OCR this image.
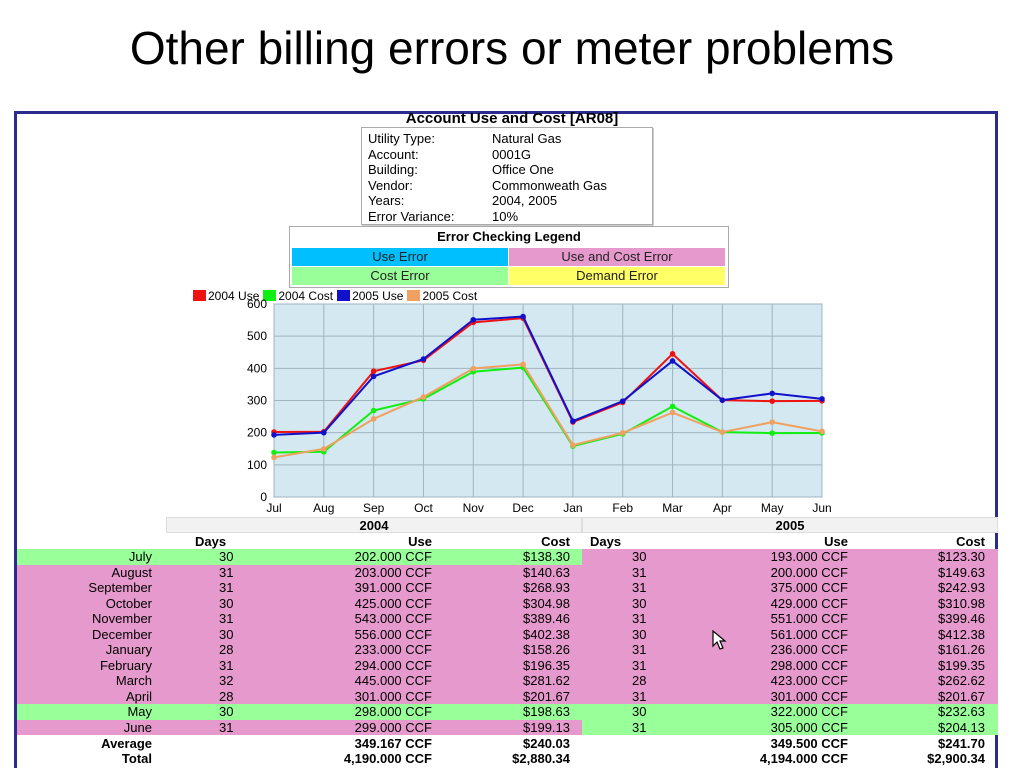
Other billing errors or meter problems
Account Use and Cost [AR08]
Utility Type:	Natural Gas
Account:	0001G
Building:	Office One
Vendor:	Commonweath Gas
Years:	2004, 2005
Error Variance:	10%
Error Checking Legend
Use Error	Use and Cost Error
Cost Error	Demand Error
2004 Use 2004 Cost 2005 Use 2005 Cost
0
100
200
300
400
500
600
Jul	Aug Sep Oct Nov Dec Jan Feb Mar	Apr May Jun
2004	2005
Days	Use	Cost Days	Use	Cost
July	30	202.000 CCF	$138.30	30	193.000 CCF	$123.30
August	31	203.000 CCF	$140.63	31	200.000 CCF	$149.63
September	31	391.000 CCF	$268.93	31	375.000 CCF	$242.93
October	30	425.000 CCF	$304.98	30	429.000 CCF	$310.98
November	31	543.000 CCF	$389.46	31	551.000 CCF	$399.46
December	30	556.000 CCF	$402.38	30	561.000 CCF	$412.38
January	28	233.000 CCF	$158.26	31	236.000 CCF	$161.26
February	31	294.000 CCF	$196.35	31	298.000 CCF	$199.35
March	32	445.000 CCF	$281.62	28	423.000 CCF	$262.62
April	28	301.000 CCF	$201.67	31	301.000 CCF	$201.67
May	30	298.000 CCF	$198.63	30	322.000 CCF	$232.63
June	31	299.000 CCF	$199.13	31	305.000 CCF	$204.13
Average	349.167 CCF	$240.03	349.500 CCF	$241.70
Total	4,190.000 CCF	$2,880.34	4,194.000 CCF	$2,900.34
